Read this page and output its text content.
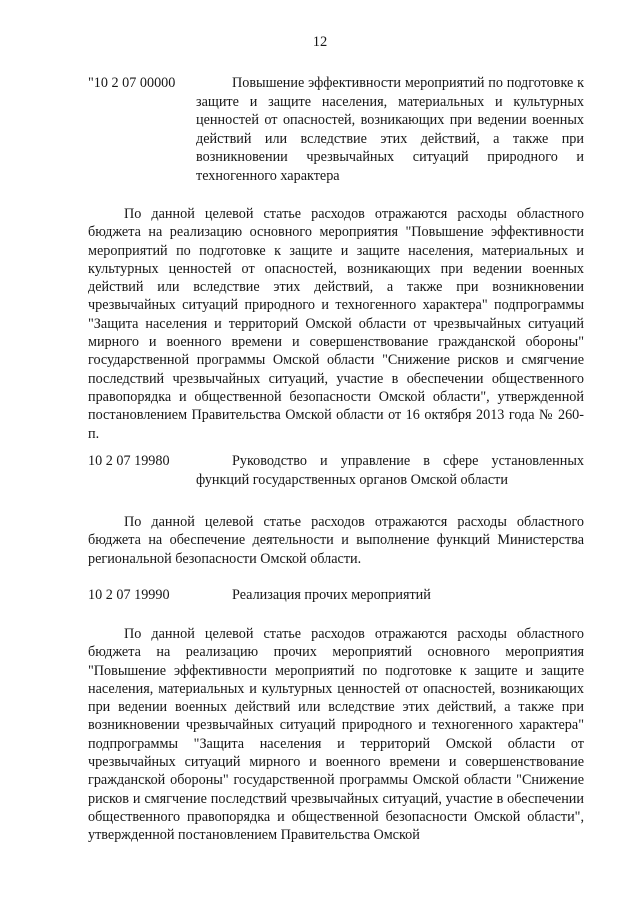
12
"10 2 07 00000	Повышение эффективности мероприятий по подготовке к защите и защите населения, материальных и культурных ценностей от опасностей, возникающих при ведении военных действий или вследствие этих действий, а также при возникновении чрезвычайных ситуаций природного и техногенного характера

По данной целевой статье расходов отражаются расходы областного бюджета на реализацию основного мероприятия "Повышение эффективности мероприятий по подготовке к защите и защите населения, материальных и культурных ценностей от опасностей, возникающих при ведении военных действий или вследствие этих действий, а также при возникновении чрезвычайных ситуаций природного и техногенного характера" подпрограммы "Защита населения и территорий Омской области от чрезвычайных ситуаций мирного и военного времени и совершенствование гражданской обороны" государственной программы Омской области "Снижение рисков и смягчение последствий чрезвычайных ситуаций, участие в обеспечении общественного правопорядка и общественной безопасности Омской области", утвержденной постановлением Правительства Омской области от 16 октября 2013 года № 260-п.

10 2 07 19980	Руководство и управление в сфере установленных функций государственных органов Омской области

По данной целевой статье расходов отражаются расходы областного бюджета на обеспечение деятельности и выполнение функций Министерства региональной безопасности Омской области.

10 2 07 19990	Реализация прочих мероприятий

По данной целевой статье расходов отражаются расходы областного бюджета на реализацию прочих мероприятий основного мероприятия "Повышение эффективности мероприятий по подготовке к защите и защите населения, материальных и культурных ценностей от опасностей, возникающих при ведении военных действий или вследствие этих действий, а также при возникновении чрезвычайных ситуаций природного и техногенного характера" подпрограммы "Защита населения и территорий Омской области от чрезвычайных ситуаций мирного и военного времени и совершенствование гражданской обороны" государственной программы Омской области "Снижение рисков и смягчение последствий чрезвычайных ситуаций, участие в обеспечении общественного правопорядка и общественной безопасности Омской области", утвержденной постановлением Правительства Омской
